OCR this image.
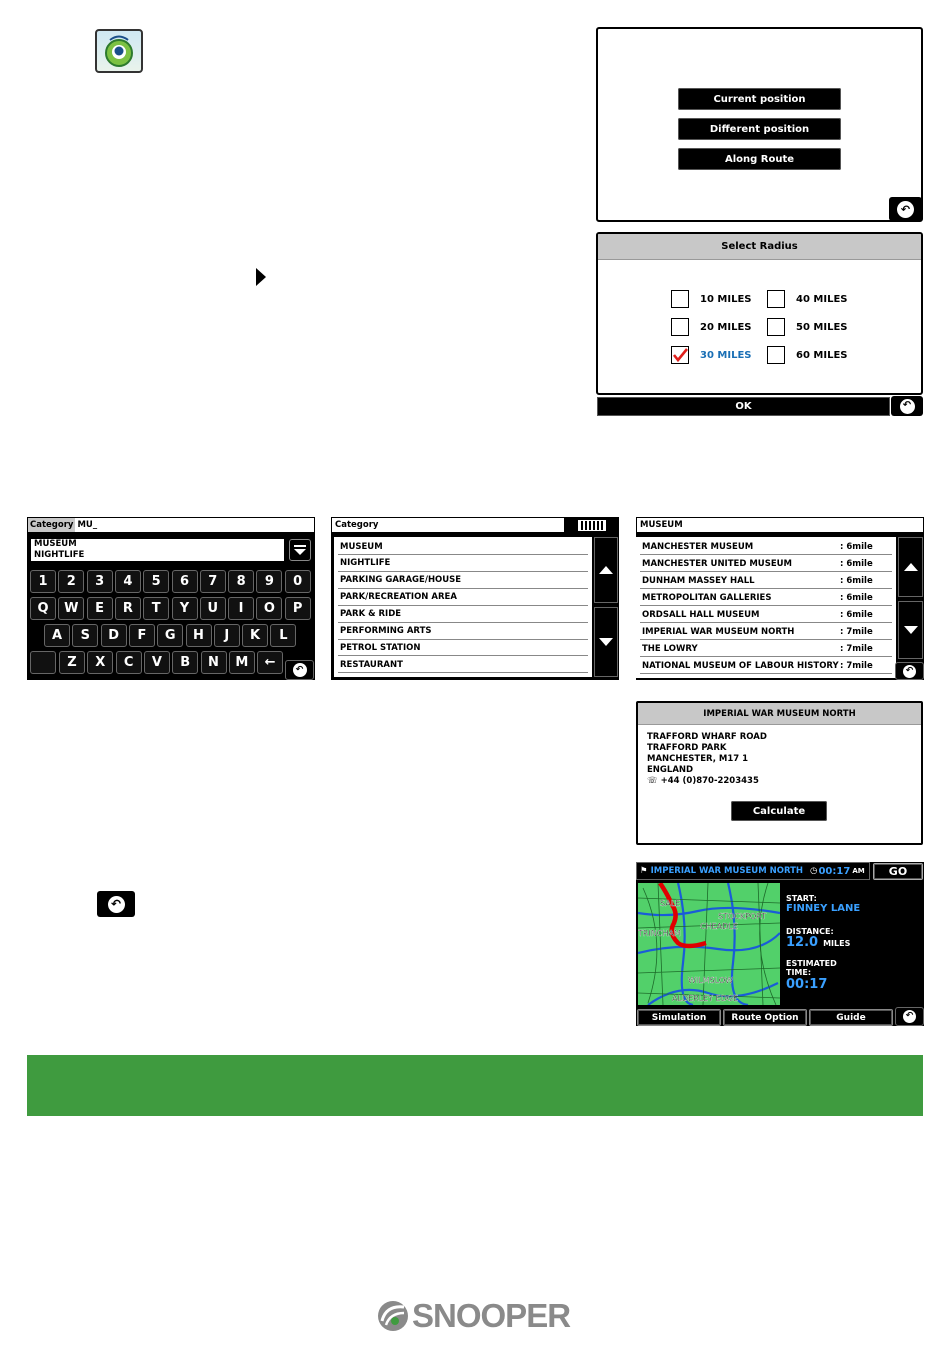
↶
Current position
Different position
Along Route
↶
Select Radius
10 MILES	40 MILES
20 MILES	50 MILES
30 MILES	60 MILES
OK	↶
Category MU_
MUSEUM
NIGHTLIFE
1	2	3	4	5	6	7	8	9	0
Q	W	E	R	T	Y	U	I	O	P
A	S	D	F	G	H	J	K	L
Z	X	C	V	B	N	M	←	↶
Category
MUSEUM
NIGHTLIFE
PARKING GARAGE/HOUSE
PARK/RECREATION AREA
PARK & RIDE
PERFORMING ARTS
PETROL STATION
RESTAURANT
MUSEUM
MANCHESTER MUSEUM	: 6mile
MANCHESTER UNITED MUSEUM	: 6mile
DUNHAM MASSEY HALL	: 6mile
METROPOLITAN GALLERIES	: 6mile
ORDSALL HALL MUSEUM	: 6mile
IMPERIAL WAR MUSEUM NORTH	: 7mile
THE LOWRY	: 7mile
NATIONAL MUSEUM OF LABOUR HISTORY : 7mile	↶
IMPERIAL WAR MUSEUM NORTH
TRAFFORD WHARF ROAD
TRAFFORD PARK
MANCHESTER, M17 1
ENGLAND
☏ +44 (0)870-2203435
Calculate
⚑ IMPERIAL WAR MUSEUM NORTH ◷ 00:17 AM	GO
SALE
STOCKPORT
CHEADLE
TRINCHAM
WILMSLOW
ALDERLEY EDGE
START:
FINNEY LANE
DISTANCE:
12.0 MILES
ESTIMATED
TIME:
00:17
Simulation	Route Option	Guide	↶
SNOOPER
